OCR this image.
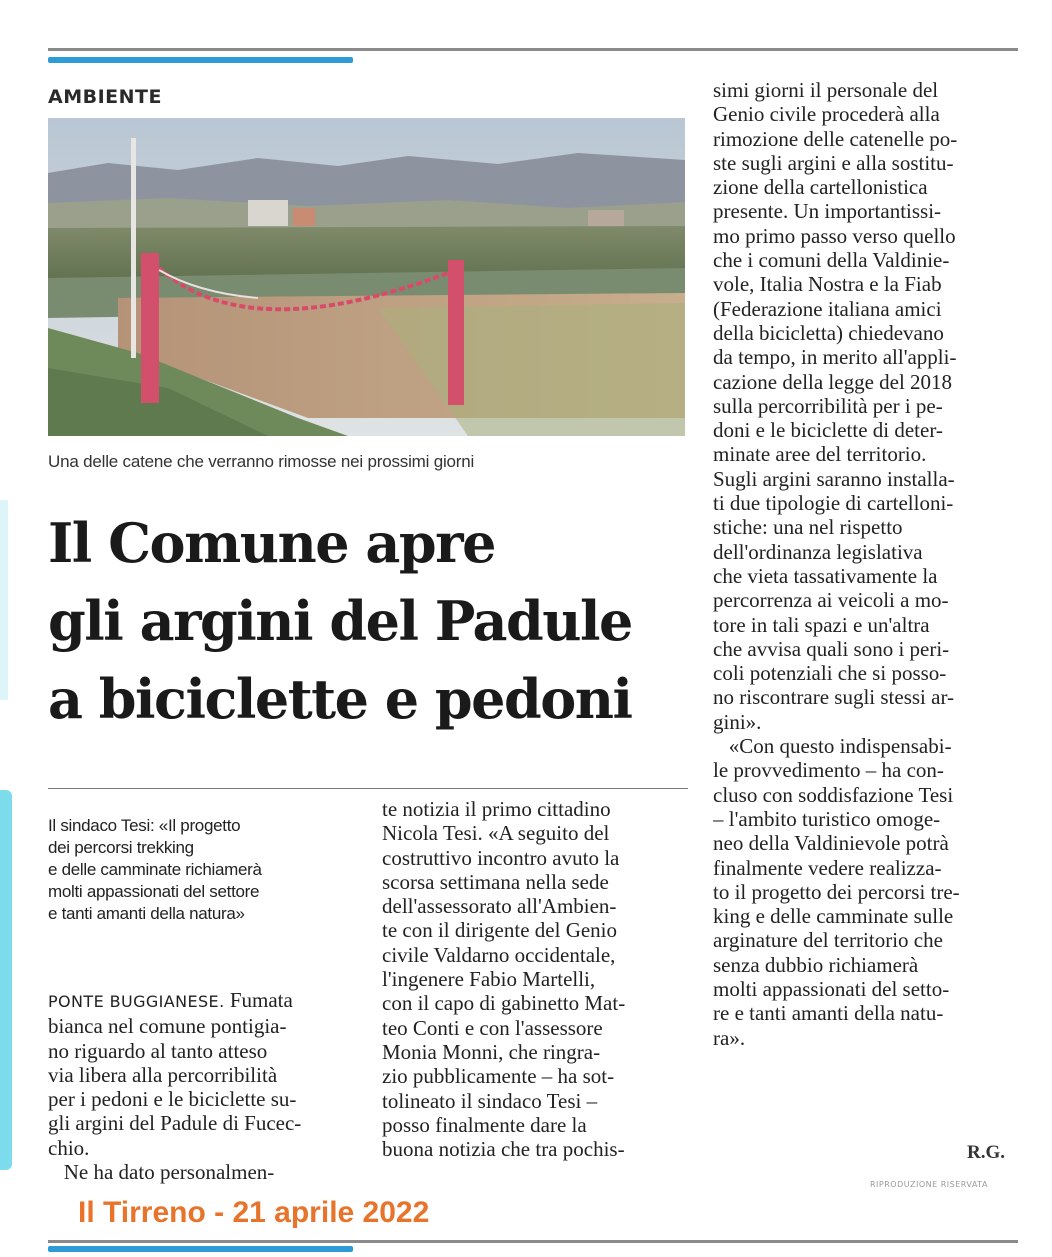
AMBIENTE
Una delle catene che verranno rimosse nei prossimi giorni
Il Comune apre
gli argini del Padule
a biciclette e pedoni
Il sindaco Tesi: «Il progetto
dei percorsi trekking
e delle camminate richiamerà
molti appassionati del settore
e tanti amanti della natura»
PONTE BUGGIANESE. Fumata
bianca nel comune pontigia-
no riguardo al tanto atteso
via libera alla percorribilità
per i pedoni e le biciclette su-
gli argini del Padule di Fucec-
chio.
Ne ha dato personalmen-
te notizia il primo cittadino
Nicola Tesi. «A seguito del
costruttivo incontro avuto la
scorsa settimana nella sede
dell'assessorato all'Ambien-
te con il dirigente del Genio
civile Valdarno occidentale,
l'ingenere Fabio Martelli,
con il capo di gabinetto Mat-
teo Conti e con l'assessore
Monia Monni, che ringra-
zio pubblicamente – ha sot-
tolineato il sindaco Tesi –
posso finalmente dare la
buona notizia che tra pochis-
simi giorni il personale del
Genio civile procederà alla
rimozione delle catenelle po-
ste sugli argini e alla sostitu-
zione della cartellonistica
presente. Un importantissi-
mo primo passo verso quello
che i comuni della Valdinie-
vole, Italia Nostra e la Fiab
(Federazione italiana amici
della bicicletta) chiedevano
da tempo, in merito all'appli-
cazione della legge del 2018
sulla percorribilità per i pe-
doni e le biciclette di deter-
minate aree del territorio.
Sugli argini saranno installa-
ti due tipologie di cartelloni-
stiche: una nel rispetto
dell'ordinanza legislativa
che vieta tassativamente la
percorrenza ai veicoli a mo-
tore in tali spazi e un'altra
che avvisa quali sono i peri-
coli potenziali che si posso-
no riscontrare sugli stessi ar-
gini».
«Con questo indispensabi-
le provvedimento – ha con-
cluso con soddisfazione Tesi
– l'ambito turistico omoge-
neo della Valdinievole potrà
finalmente vedere realizza-
to il progetto dei percorsi tre-
king e delle camminate sulle
arginature del territorio che
senza dubbio richiamerà
molti appassionati del setto-
re e tanti amanti della natu-
ra».
R.G.
RIPRODUZIONE RISERVATA
Il Tirreno - 21 aprile 2022
